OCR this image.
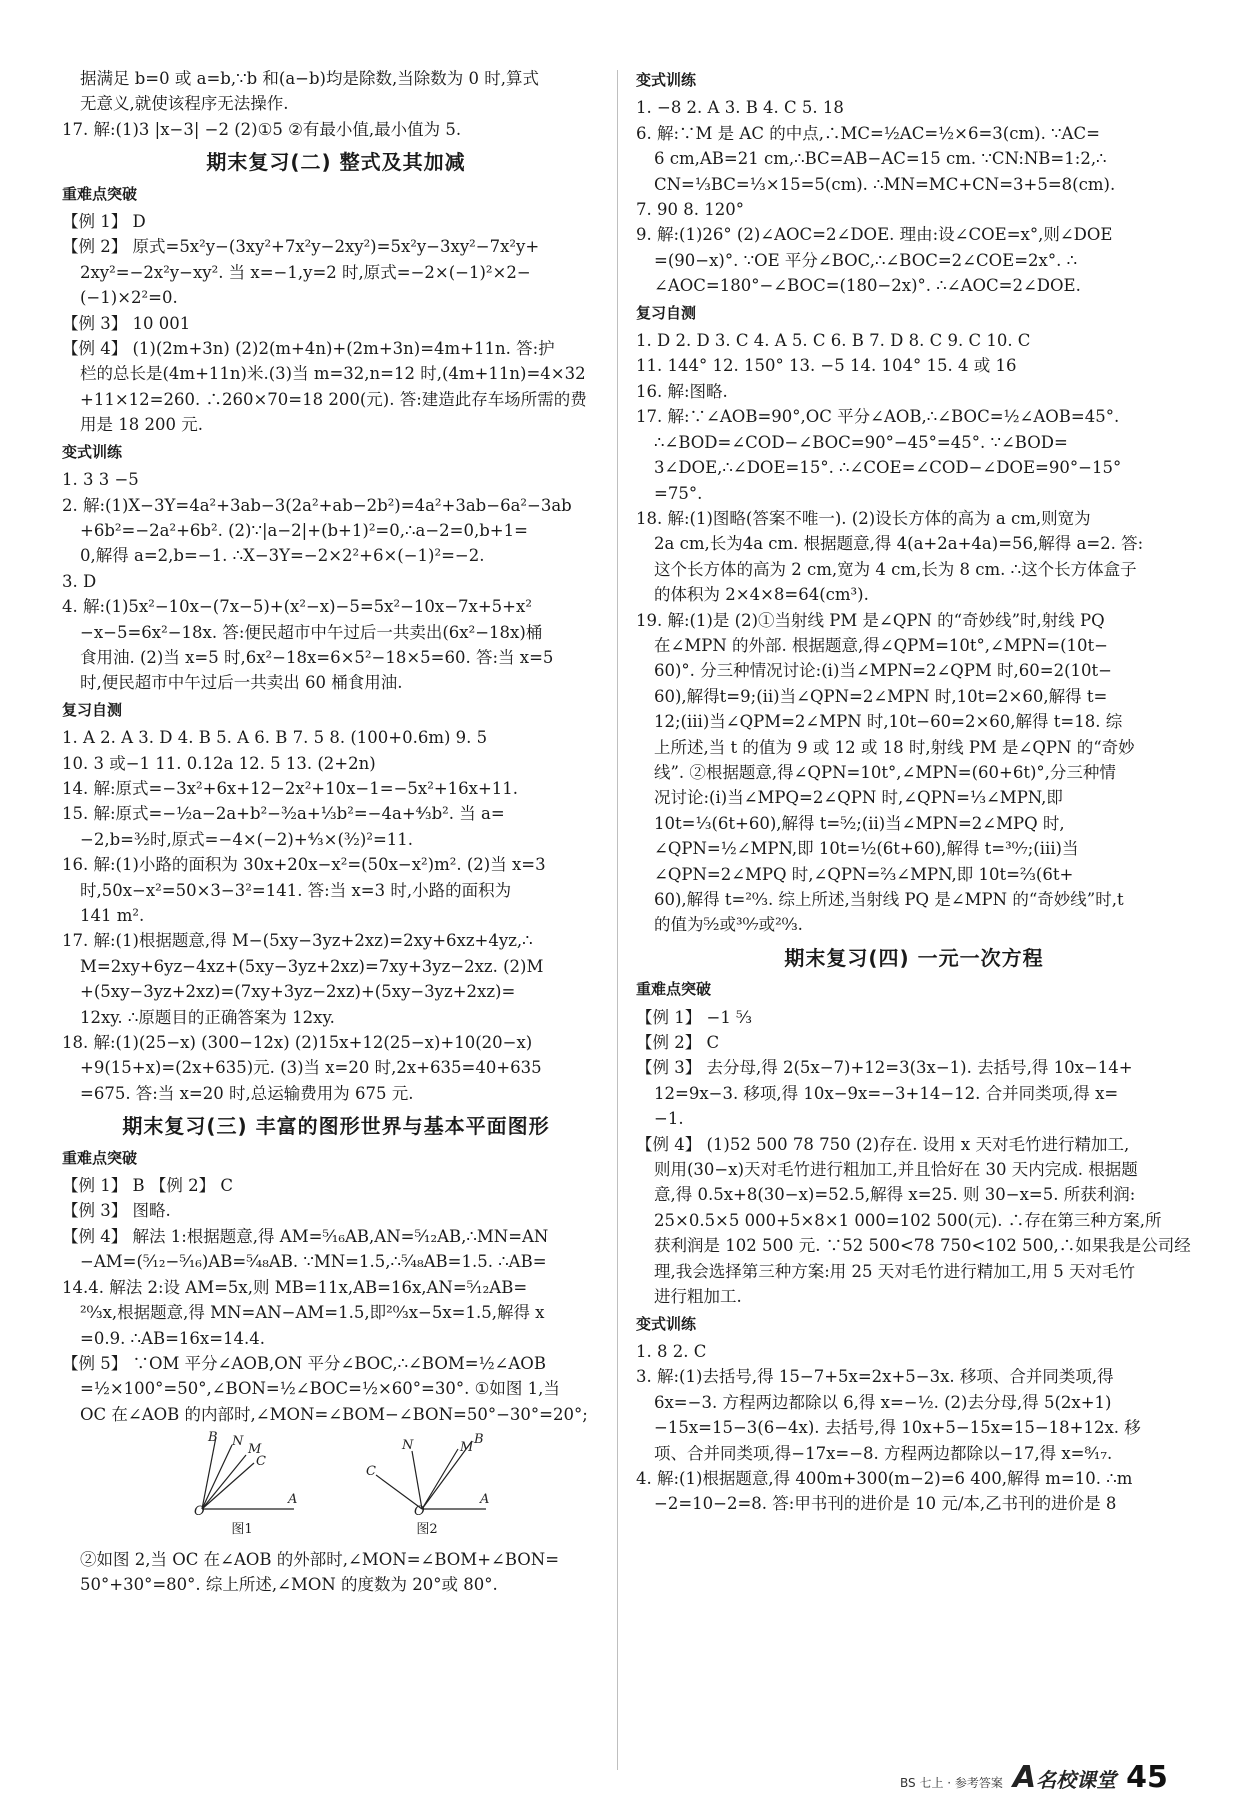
据满足 b=0 或 a=b,∵b 和(a−b)均是除数,当除数为 0 时,算式
无意义,就使该程序无法操作.
17. 解:(1)3 |x−3| −2 (2)①5 ②有最小值,最小值为 5.
期末复习(二) 整式及其加减
重难点突破
【例 1】 D
【例 2】 原式=5x²y−(3xy²+7x²y−2xy²)=5x²y−3xy²−7x²y+
2xy²=−2x²y−xy². 当 x=−1,y=2 时,原式=−2×(−1)²×2−
(−1)×2²=0.
【例 3】 10 001
【例 4】 (1)(2m+3n) (2)2(m+4n)+(2m+3n)=4m+11n. 答:护
栏的总长是(4m+11n)米.(3)当 m=32,n=12 时,(4m+11n)=4×32
+11×12=260. ∴260×70=18 200(元). 答:建造此存车场所需的费
用是 18 200 元.
变式训练
1. 3 3 −5
2. 解:(1)X−3Y=4a²+3ab−3(2a²+ab−2b²)=4a²+3ab−6a²−3ab
+6b²=−2a²+6b². (2)∵|a−2|+(b+1)²=0,∴a−2=0,b+1=
0,解得 a=2,b=−1. ∴X−3Y=−2×2²+6×(−1)²=−2.
3. D
4. 解:(1)5x²−10x−(7x−5)+(x²−x)−5=5x²−10x−7x+5+x²
−x−5=6x²−18x. 答:便民超市中午过后一共卖出(6x²−18x)桶
食用油. (2)当 x=5 时,6x²−18x=6×5²−18×5=60. 答:当 x=5
时,便民超市中午过后一共卖出 60 桶食用油.
复习自测
1. A 2. A 3. D 4. B 5. A 6. B 7. 5 8. (100+0.6m) 9. 5
10. 3 或−1 11. 0.12a 12. 5 13. (2+2n)
14. 解:原式=−3x²+6x+12−2x²+10x−1=−5x²+16x+11.
15. 解:原式=−½a−2a+b²−³⁄₂a+⅓b²=−4a+⁴⁄₃b². 当 a=
−2,b=³⁄₂时,原式=−4×(−2)+⁴⁄₃×(³⁄₂)²=11.
16. 解:(1)小路的面积为 30x+20x−x²=(50x−x²)m². (2)当 x=3
时,50x−x²=50×3−3²=141. 答:当 x=3 时,小路的面积为
141 m².
17. 解:(1)根据题意,得 M−(5xy−3yz+2xz)=2xy+6xz+4yz,∴
M=2xy+6yz−4xz+(5xy−3yz+2xz)=7xy+3yz−2xz. (2)M
+(5xy−3yz+2xz)=(7xy+3yz−2xz)+(5xy−3yz+2xz)=
12xy. ∴原题目的正确答案为 12xy.
18. 解:(1)(25−x) (300−12x) (2)15x+12(25−x)+10(20−x)
+9(15+x)=(2x+635)元. (3)当 x=20 时,2x+635=40+635
=675. 答:当 x=20 时,总运输费用为 675 元.
期末复习(三) 丰富的图形世界与基本平面图形
重难点突破
【例 1】 B 【例 2】 C
【例 3】 图略.
【例 4】 解法 1:根据题意,得 AM=⁵⁄₁₆AB,AN=⁵⁄₁₂AB,∴MN=AN
−AM=(⁵⁄₁₂−⁵⁄₁₆)AB=⁵⁄₄₈AB. ∵MN=1.5,∴⁵⁄₄₈AB=1.5. ∴AB=
14.4. 解法 2:设 AM=5x,则 MB=11x,AB=16x,AN=⁵⁄₁₂AB=
²⁰⁄₃x,根据题意,得 MN=AN−AM=1.5,即²⁰⁄₃x−5x=1.5,解得 x
=0.9. ∴AB=16x=14.4.
【例 5】 ∵OM 平分∠AOB,ON 平分∠BOC,∴∠BOM=½∠AOB
=½×100°=50°,∠BON=½∠BOC=½×60°=30°. ①如图 1,当
OC 在∠AOB 的内部时,∠MON=∠BOM−∠BON=50°−30°=20°;
O
A
B N
C
M
图1
O
A
B
C
M
N
图2
②如图 2,当 OC 在∠AOB 的外部时,∠MON=∠BOM+∠BON=
50°+30°=80°. 综上所述,∠MON 的度数为 20°或 80°.
变式训练
1. −8 2. A 3. B 4. C 5. 18
6. 解:∵M 是 AC 的中点,∴MC=½AC=½×6=3(cm). ∵AC=
6 cm,AB=21 cm,∴BC=AB−AC=15 cm. ∵CN:NB=1:2,∴
CN=⅓BC=⅓×15=5(cm). ∴MN=MC+CN=3+5=8(cm).
7. 90 8. 120°
9. 解:(1)26° (2)∠AOC=2∠DOE. 理由:设∠COE=x°,则∠DOE
=(90−x)°. ∵OE 平分∠BOC,∴∠BOC=2∠COE=2x°. ∴
∠AOC=180°−∠BOC=(180−2x)°. ∴∠AOC=2∠DOE.
复习自测
1. D 2. D 3. C 4. A 5. C 6. B 7. D 8. C 9. C 10. C
11. 144° 12. 150° 13. −5 14. 104° 15. 4 或 16
16. 解:图略.
17. 解:∵∠AOB=90°,OC 平分∠AOB,∴∠BOC=½∠AOB=45°.
∴∠BOD=∠COD−∠BOC=90°−45°=45°. ∵∠BOD=
3∠DOE,∴∠DOE=15°. ∴∠COE=∠COD−∠DOE=90°−15°
=75°.
18. 解:(1)图略(答案不唯一). (2)设长方体的高为 a cm,则宽为
2a cm,长为4a cm. 根据题意,得 4(a+2a+4a)=56,解得 a=2. 答:
这个长方体的高为 2 cm,宽为 4 cm,长为 8 cm. ∴这个长方体盒子
的体积为 2×4×8=64(cm³).
19. 解:(1)是 (2)①当射线 PM 是∠QPN 的“奇妙线”时,射线 PQ
在∠MPN 的外部. 根据题意,得∠QPM=10t°,∠MPN=(10t−
60)°. 分三种情况讨论:(ⅰ)当∠MPN=2∠QPM 时,60=2(10t−
60),解得t=9;(ⅱ)当∠QPN=2∠MPN 时,10t=2×60,解得 t=
12;(ⅲ)当∠QPM=2∠MPN 时,10t−60=2×60,解得 t=18. 综
上所述,当 t 的值为 9 或 12 或 18 时,射线 PM 是∠QPN 的“奇妙
线”. ②根据题意,得∠QPN=10t°,∠MPN=(60+6t)°,分三种情
况讨论:(ⅰ)当∠MPQ=2∠QPN 时,∠QPN=⅓∠MPN,即
10t=⅓(6t+60),解得 t=⁵⁄₂;(ⅱ)当∠MPN=2∠MPQ 时,
∠QPN=½∠MPN,即 10t=½(6t+60),解得 t=³⁰⁄₇;(ⅲ)当
∠QPN=2∠MPQ 时,∠QPN=⅔∠MPN,即 10t=⅔(6t+
60),解得 t=²⁰⁄₃. 综上所述,当射线 PQ 是∠MPN 的“奇妙线”时,t
的值为⁵⁄₂或³⁰⁄₇或²⁰⁄₃.
期末复习(四) 一元一次方程
重难点突破
【例 1】 −1 ⁵⁄₃
【例 2】 C
【例 3】 去分母,得 2(5x−7)+12=3(3x−1). 去括号,得 10x−14+
12=9x−3. 移项,得 10x−9x=−3+14−12. 合并同类项,得 x=
−1.
【例 4】 (1)52 500 78 750 (2)存在. 设用 x 天对毛竹进行精加工,
则用(30−x)天对毛竹进行粗加工,并且恰好在 30 天内完成. 根据题
意,得 0.5x+8(30−x)=52.5,解得 x=25. 则 30−x=5. 所获利润:
25×0.5×5 000+5×8×1 000=102 500(元). ∴存在第三种方案,所
获利润是 102 500 元. ∵52 500<78 750<102 500,∴如果我是公司经
理,我会选择第三种方案:用 25 天对毛竹进行精加工,用 5 天对毛竹
进行粗加工.
变式训练
1. 8 2. C
3. 解:(1)去括号,得 15−7+5x=2x+5−3x. 移项、合并同类项,得
6x=−3. 方程两边都除以 6,得 x=−½. (2)去分母,得 5(2x+1)
−15x=15−3(6−4x). 去括号,得 10x+5−15x=15−18+12x. 移
项、合并同类项,得−17x=−8. 方程两边都除以−17,得 x=⁸⁄₁₇.
4. 解:(1)根据题意,得 400m+300(m−2)=6 400,解得 m=10. ∴m
−2=10−2=8. 答:甲书刊的进价是 10 元/本,乙书刊的进价是 8
BS 七上 · 参考答案 A名校课堂 45
